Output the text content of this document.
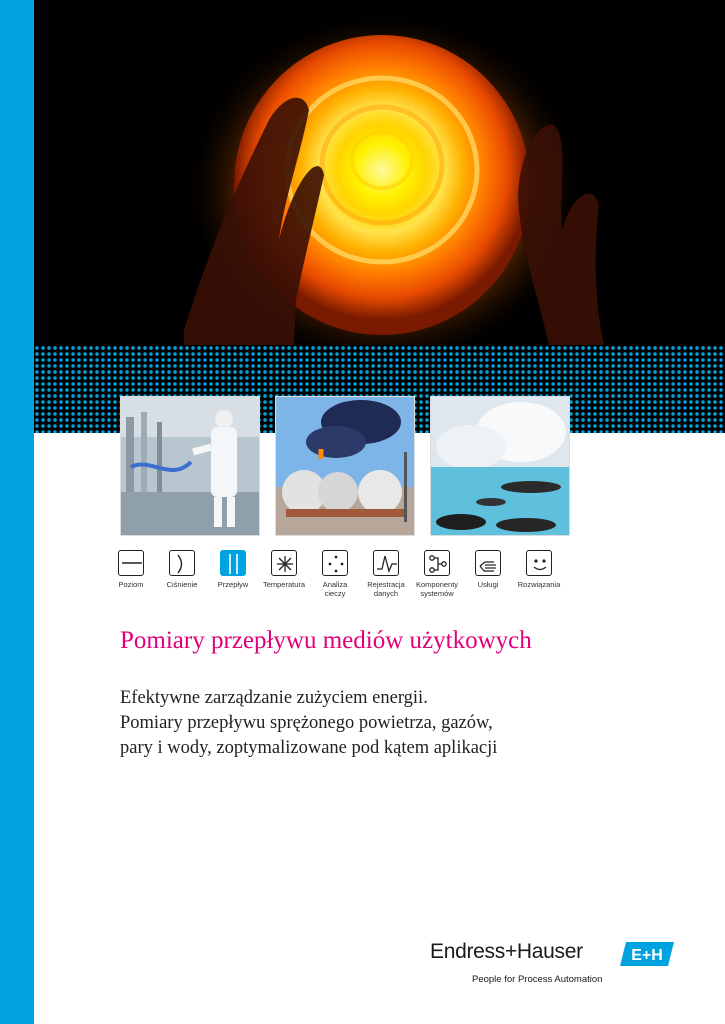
Poziom	Ciśnienie	Przepływ	Temperatura	Analiza
cieczy
Rejestracja
danych
Komponenty
systemów
Usługi	Rozwiązania
Pomiary przepływu mediów użytkowych

Efektywne zarządzanie zużyciem energii.
Pomiary przepływu sprężonego powietrza, gazów,
pary i wody, zoptymalizowane pod kątem aplikacji

Endress+Hauser	E+H
People for Process Automation
